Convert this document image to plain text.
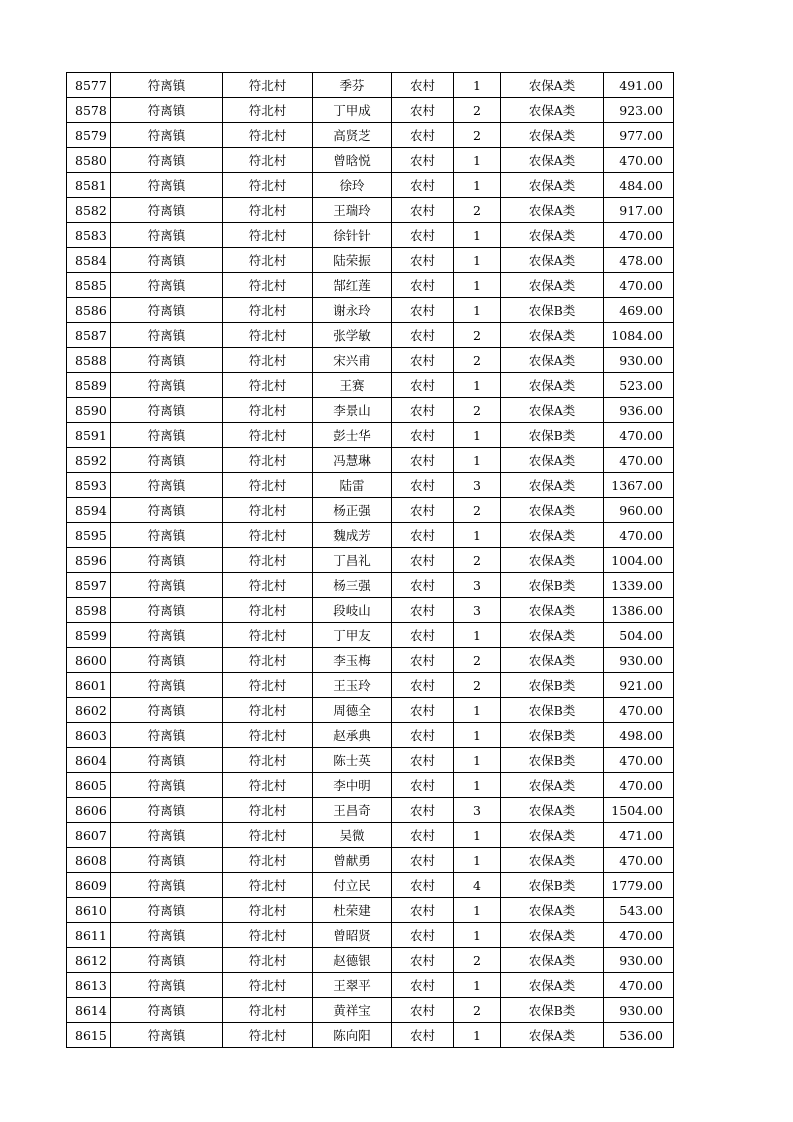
8577	符离镇	符北村	季芬	农村	1	农保A类	491.00
8578	符离镇	符北村	丁甲成	农村	2	农保A类	923.00
8579	符离镇	符北村	高贤芝	农村	2	农保A类	977.00
8580	符离镇	符北村	曾晗悦	农村	1	农保A类	470.00
8581	符离镇	符北村	徐玲	农村	1	农保A类	484.00
8582	符离镇	符北村	王瑞玲	农村	2	农保A类	917.00
8583	符离镇	符北村	徐针针	农村	1	农保A类	470.00
8584	符离镇	符北村	陆荣振	农村	1	农保A类	478.00
8585	符离镇	符北村	郜红莲	农村	1	农保A类	470.00
8586	符离镇	符北村	谢永玲	农村	1	农保B类	469.00
8587	符离镇	符北村	张学敏	农村	2	农保A类	1084.00
8588	符离镇	符北村	宋兴甫	农村	2	农保A类	930.00
8589	符离镇	符北村	王赛	农村	1	农保A类	523.00
8590	符离镇	符北村	李景山	农村	2	农保A类	936.00
8591	符离镇	符北村	彭士华	农村	1	农保B类	470.00
8592	符离镇	符北村	冯慧琳	农村	1	农保A类	470.00
8593	符离镇	符北村	陆雷	农村	3	农保A类	1367.00
8594	符离镇	符北村	杨正强	农村	2	农保A类	960.00
8595	符离镇	符北村	魏成芳	农村	1	农保A类	470.00
8596	符离镇	符北村	丁昌礼	农村	2	农保A类	1004.00
8597	符离镇	符北村	杨三强	农村	3	农保B类	1339.00
8598	符离镇	符北村	段岐山	农村	3	农保A类	1386.00
8599	符离镇	符北村	丁甲友	农村	1	农保A类	504.00
8600	符离镇	符北村	李玉梅	农村	2	农保A类	930.00
8601	符离镇	符北村	王玉玲	农村	2	农保B类	921.00
8602	符离镇	符北村	周德全	农村	1	农保B类	470.00
8603	符离镇	符北村	赵承典	农村	1	农保B类	498.00
8604	符离镇	符北村	陈士英	农村	1	农保B类	470.00
8605	符离镇	符北村	李中明	农村	1	农保A类	470.00
8606	符离镇	符北村	王昌奇	农村	3	农保A类	1504.00
8607	符离镇	符北村	吴微	农村	1	农保A类	471.00
8608	符离镇	符北村	曾献勇	农村	1	农保A类	470.00
8609	符离镇	符北村	付立民	农村	4	农保B类	1779.00
8610	符离镇	符北村	杜荣建	农村	1	农保A类	543.00
8611	符离镇	符北村	曾昭贤	农村	1	农保A类	470.00
8612	符离镇	符北村	赵德银	农村	2	农保A类	930.00
8613	符离镇	符北村	王翠平	农村	1	农保A类	470.00
8614	符离镇	符北村	黄祥宝	农村	2	农保B类	930.00
8615	符离镇	符北村	陈向阳	农村	1	农保A类	536.00
